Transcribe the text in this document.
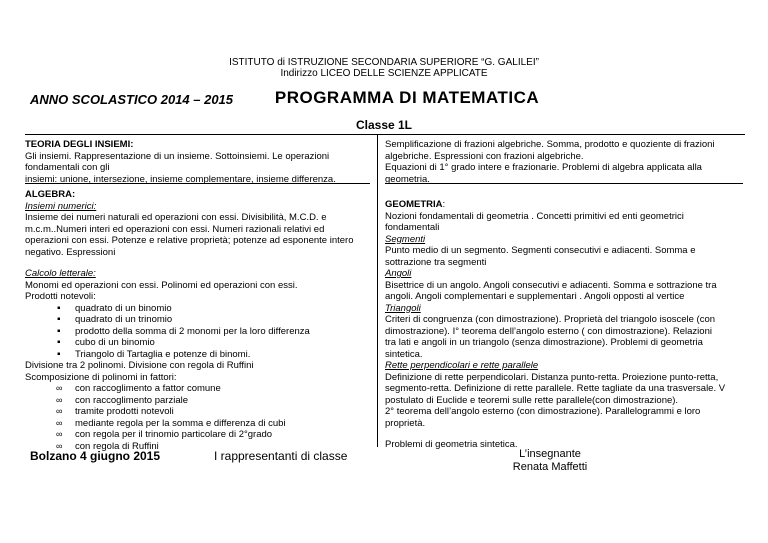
ISTITUTO di ISTRUZIONE SECONDARIA SUPERIORE “G. GALILEI”
Indirizzo LICEO DELLE SCIENZE APPLICATE
ANNO SCOLASTICO 2014 – 2015	PROGRAMMA DI MATEMATICA
Classe 1L
TEORIA DEGLI INSIEMI:
Gli insiemi. Rappresentazione di un insieme. Sottoinsiemi. Le operazioni
fondamentali con gli
insiemi: unione, intersezione, insieme complementare, insieme differenza.
Semplificazione di frazioni algebriche. Somma, prodotto e quoziente di frazioni
algebriche. Espressioni con frazioni algebriche.
Equazioni di 1° grado intere e frazionarie. Problemi di algebra applicata alla
geometria.
ALGEBRA:
Insiemi numerici:
Insieme dei numeri naturali ed operazioni con essi. Divisibilità, M.C.D. e
m.c.m..Numeri interi ed operazioni con essi. Numeri razionali relativi ed
operazioni con essi. Potenze e relative proprietà; potenze ad esponente intero
negativo. Espressioni
Calcolo letterale:
Monomi ed operazioni con essi. Polinomi ed operazioni con essi.
Prodotti notevoli:
▪ quadrato di un binomio
▪ quadrato di un trinomio
▪ prodotto della somma di 2 monomi per la loro differenza
▪ cubo di un binomio
▪ Triangolo di Tartaglia e potenze di binomi.
Divisione tra 2 polinomi. Divisione con regola di Ruffini
Scomposizione di polinomi in fattori:
∞ con raccoglimento a fattor comune
∞ con raccoglimento parziale
∞ tramite prodotti notevoli
∞ mediante regola per la somma e differenza di cubi
∞ con regola per il trinomio particolare di 2°grado
∞ con regola di Ruffini
GEOMETRIA:
Nozioni fondamentali di geometria . Concetti primitivi ed enti geometrici
fondamentali
Segmenti
Punto medio di un segmento. Segmenti consecutivi e adiacenti. Somma e
sottrazione tra segmenti
Angoli
Bisettrice di un angolo. Angoli consecutivi e adiacenti. Somma e sottrazione tra
angoli. Angoli complementari e supplementari . Angoli opposti al vertice
Triangoli
Criteri di congruenza (con dimostrazione). Proprietà del triangolo isoscele (con
dimostrazione). I° teorema dell’angolo esterno ( con dimostrazione). Relazioni
tra lati e angoli in un triangolo (senza dimostrazione). Problemi di geometria
sintetica.
Rette perpendicolari e rette parallele
Definizione di rette perpendicolari. Distanza punto-retta. Proiezione punto-retta,
segmento-retta. Definizione di rette parallele. Rette tagliate da una trasversale. V
postulato di Euclide e teoremi sulle rette parallele(con dimostrazione).
2° teorema dell’angolo esterno (con dimostrazione). Parallelogrammi e loro
proprietà.
Problemi di geometria sintetica.
Bolzano 4 giugno 2015	I rappresentanti di classe	L’insegnante
Renata Maffetti
